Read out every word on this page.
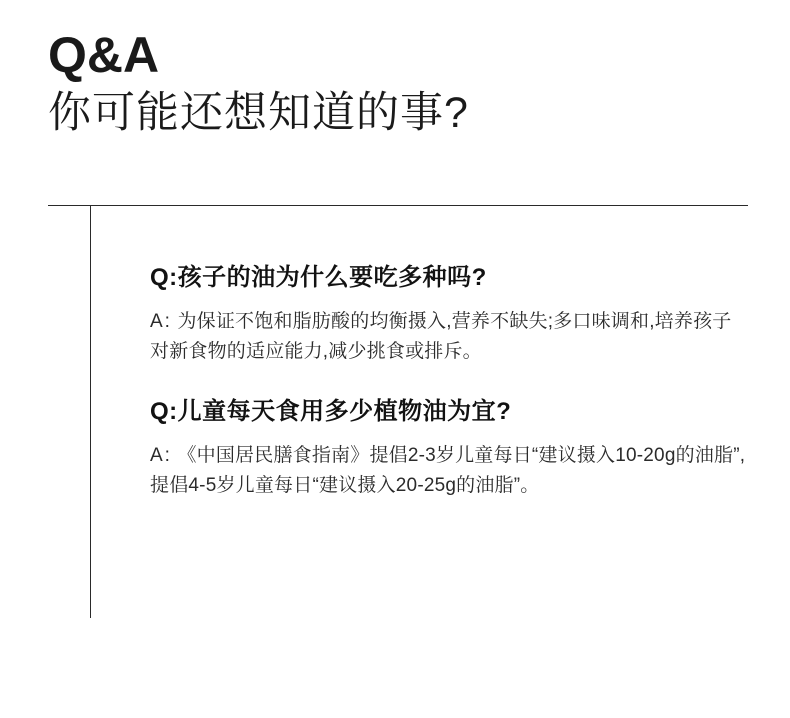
Q&A
你可能还想知道的事?

Q:孩子的油为什么要吃多种吗?

A: 为保证不饱和脂肪酸的均衡摄入,营养不缺失;多口味调和,培养孩子对新食物的适应能力,减少挑食或排斥。

Q:儿童每天食用多少植物油为宜?

A: 《中国居民膳食指南》提倡2-3岁儿童每日“建议摄入10-20g的油脂”,提倡4-5岁儿童每日“建议摄入20-25g的油脂”。
